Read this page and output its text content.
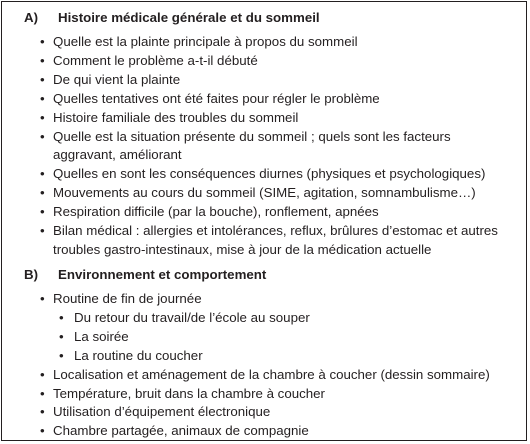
A) Histoire médicale générale et du sommeil
• Quelle est la plainte principale à propos du sommeil
• Comment le problème a-t-il débuté
• De qui vient la plainte
• Quelles tentatives ont été faites pour régler le problème
• Histoire familiale des troubles du sommeil
• Quelle est la situation présente du sommeil ; quels sont les facteurs
aggravant, améliorant
• Quelles en sont les conséquences diurnes (physiques et psychologiques)
• Mouvements au cours du sommeil (SIME, agitation, somnambulisme…)
• Respiration difficile (par la bouche), ronflement, apnées
• Bilan médical : allergies et intolérances, reflux, brûlures d’estomac et autres
troubles gastro-intestinaux, mise à jour de la médication actuelle
B) Environnement et comportement
• Routine de fin de journée
• Du retour du travail/de l’école au souper
• La soirée
• La routine du coucher
• Localisation et aménagement de la chambre à coucher (dessin sommaire)
• Température, bruit dans la chambre à coucher
• Utilisation d’équipement électronique
• Chambre partagée, animaux de compagnie
